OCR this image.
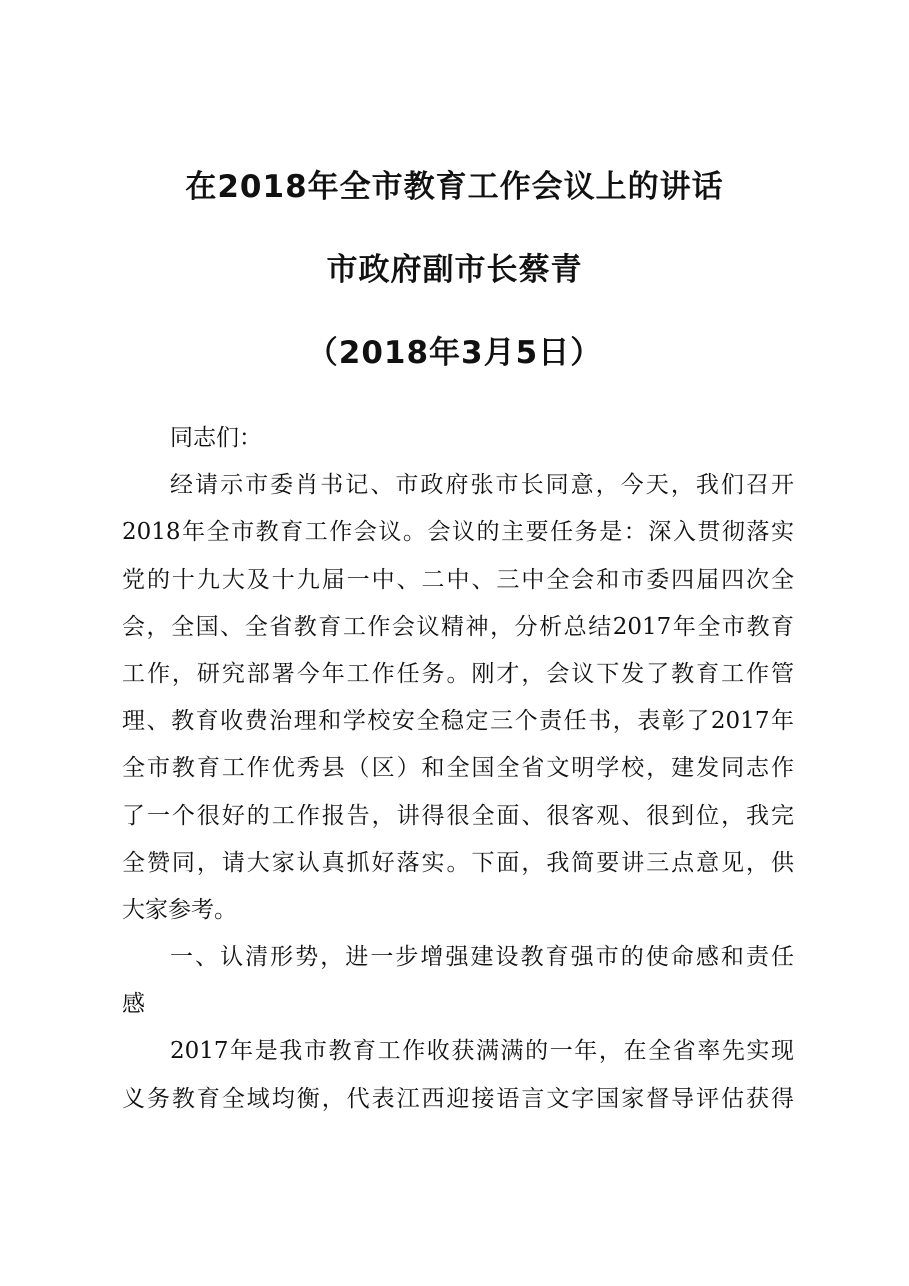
在2018年全市教育工作会议上的讲话
市政府副市长蔡青
（2018年3月5日）
同志们：
经请示市委肖书记、市政府张市长同意，今天，我们召开
2018年全市教育工作会议。会议的主要任务是：深入贯彻落实
党的十九大及十九届一中、二中、三中全会和市委四届四次全
会，全国、全省教育工作会议精神，分析总结2017年全市教育
工作，研究部署今年工作任务。刚才，会议下发了教育工作管
理、教育收费治理和学校安全稳定三个责任书，表彰了2017年
全市教育工作优秀县（区）和全国全省文明学校，建发同志作
了一个很好的工作报告，讲得很全面、很客观、很到位，我完
全赞同，请大家认真抓好落实。下面，我简要讲三点意见，供
大家参考。
一、认清形势，进一步增强建设教育强市的使命感和责任
感
2017年是我市教育工作收获满满的一年，在全省率先实现
义务教育全域均衡，代表江西迎接语言文字国家督导评估获得
